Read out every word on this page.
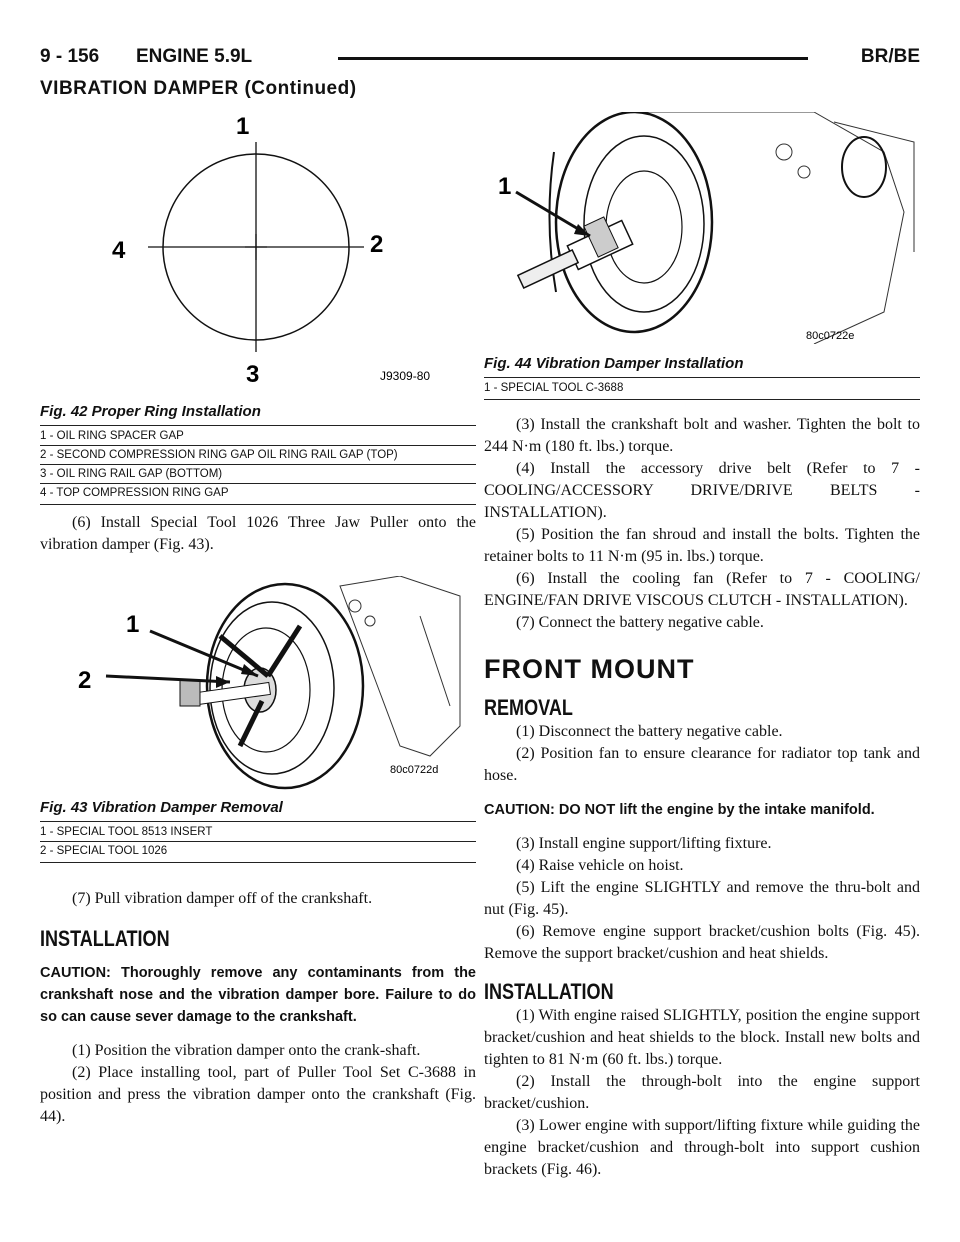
9 - 156 ENGINE 5.9L	BR/BE
VIBRATION DAMPER (Continued)
1
2
3
4
J9309-80
Fig. 42 Proper Ring Installation
1 - OIL RING SPACER GAP
2 - SECOND COMPRESSION RING GAP OIL RING RAIL GAP (TOP)
3 - OIL RING RAIL GAP (BOTTOM)
4 - TOP COMPRESSION RING GAP

(6) Install Special Tool 1026 Three Jaw Puller onto the vibration damper (Fig. 43).

1
2
80c0722d
Fig. 43 Vibration Damper Removal
1 - SPECIAL TOOL 8513 INSERT
2 - SPECIAL TOOL 1026

(7) Pull vibration damper off of the crankshaft.

INSTALLATION
CAUTION: Thoroughly remove any contaminants from the crankshaft nose and the vibration damper bore. Failure to do so can cause sever damage to the crankshaft.

(1) Position the vibration damper onto the crank-shaft.

(2) Place installing tool, part of Puller Tool Set C-3688 in position and press the vibration damper onto the crankshaft (Fig. 44).

1
80c0722e
Fig. 44 Vibration Damper Installation
1 - SPECIAL TOOL C-3688

(3) Install the crankshaft bolt and washer. Tighten the bolt to 244 N·m (180 ft. lbs.) torque.

(4) Install the accessory drive belt (Refer to 7 - COOLING/ACCESSORY DRIVE/DRIVE BELTS - INSTALLATION).

(5) Position the fan shroud and install the bolts. Tighten the retainer bolts to 11 N·m (95 in. lbs.) torque.

(6) Install the cooling fan (Refer to 7 - COOLING/ ENGINE/FAN DRIVE VISCOUS CLUTCH - INSTALLATION).

(7) Connect the battery negative cable.

FRONT MOUNT
REMOVAL

(1) Disconnect the battery negative cable.

(2) Position fan to ensure clearance for radiator top tank and hose.

CAUTION: DO NOT lift the engine by the intake manifold.

(3) Install engine support/lifting fixture.

(4) Raise vehicle on hoist.

(5) Lift the engine SLIGHTLY and remove the thru-bolt and nut (Fig. 45).

(6) Remove engine support bracket/cushion bolts (Fig. 45). Remove the support bracket/cushion and heat shields.

INSTALLATION

(1) With engine raised SLIGHTLY, position the engine support bracket/cushion and heat shields to the block. Install new bolts and tighten to 81 N·m (60 ft. lbs.) torque.

(2) Install the through-bolt into the engine support bracket/cushion.

(3) Lower engine with support/lifting fixture while guiding the engine bracket/cushion and through-bolt into support cushion brackets (Fig. 46).
